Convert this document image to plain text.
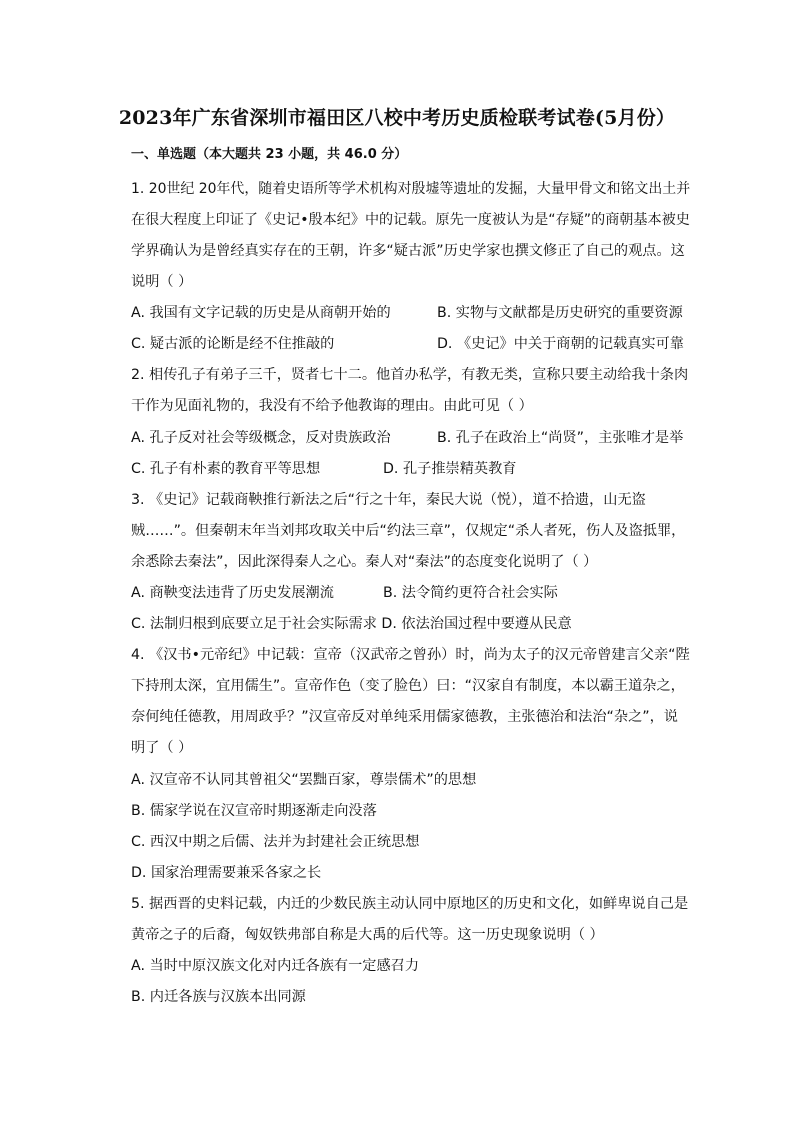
2023年广东省深圳市福田区八校中考历史质检联考试卷(5月份）
一、单选题（本大题共 23 小题，共 46.0 分）
1. 20世纪 20年代，随着史语所等学术机构对殷墟等遗址的发掘，大量甲骨文和铭文出土并
在很大程度上印证了《史记•殷本纪》中的记载。原先一度被认为是“存疑”的商朝基本被史
学界确认为是曾经真实存在的王朝，许多“疑古派”历史学家也撰文修正了自己的观点。这
说明（ ）
A. 我国有文字记载的历史是从商朝开始的	B. 实物与文献都是历史研究的重要资源
C. 疑古派的论断是经不住推敲的	D. 《史记》中关于商朝的记载真实可靠
2. 相传孔子有弟子三千，贤者七十二。他首办私学，有教无类，宣称只要主动给我十条肉
干作为见面礼物的，我没有不给予他教诲的理由。由此可见（ ）
A. 孔子反对社会等级概念，反对贵族政治	B. 孔子在政治上“尚贤”，主张唯才是举
C. 孔子有朴素的教育平等思想	D. 孔子推崇精英教育
3. 《史记》记载商鞅推行新法之后“行之十年，秦民大说（悦），道不拾遗，山无盗
贼……”。但秦朝末年当刘邦攻取关中后“约法三章”，仅规定“杀人者死，伤人及盗抵罪，
余悉除去秦法”，因此深得秦人之心。秦人对“秦法”的态度变化说明了（ ）
A. 商鞅变法违背了历史发展潮流	B. 法令简约更符合社会实际
C. 法制归根到底要立足于社会实际需求 D. 依法治国过程中要遵从民意
4. 《汉书•元帝纪》中记载：宣帝（汉武帝之曾孙）时，尚为太子的汉元帝曾建言父亲“陛
下持刑太深，宜用儒生”。宣帝作色（变了脸色）曰：“汉家自有制度，本以霸王道杂之，
奈何纯任德教，用周政乎？”汉宣帝反对单纯采用儒家德教，主张德治和法治“杂之”，说
明了（ ）
A. 汉宣帝不认同其曾祖父“罢黜百家，尊崇儒术”的思想
B. 儒家学说在汉宣帝时期逐渐走向没落
C. 西汉中期之后儒、法并为封建社会正统思想
D. 国家治理需要兼采各家之长
5. 据西晋的史料记载，内迁的少数民族主动认同中原地区的历史和文化，如鲜卑说自己是
黄帝之子的后裔，匈奴铁弗部自称是大禹的后代等。这一历史现象说明（ ）
A. 当时中原汉族文化对内迁各族有一定感召力
B. 内迁各族与汉族本出同源
